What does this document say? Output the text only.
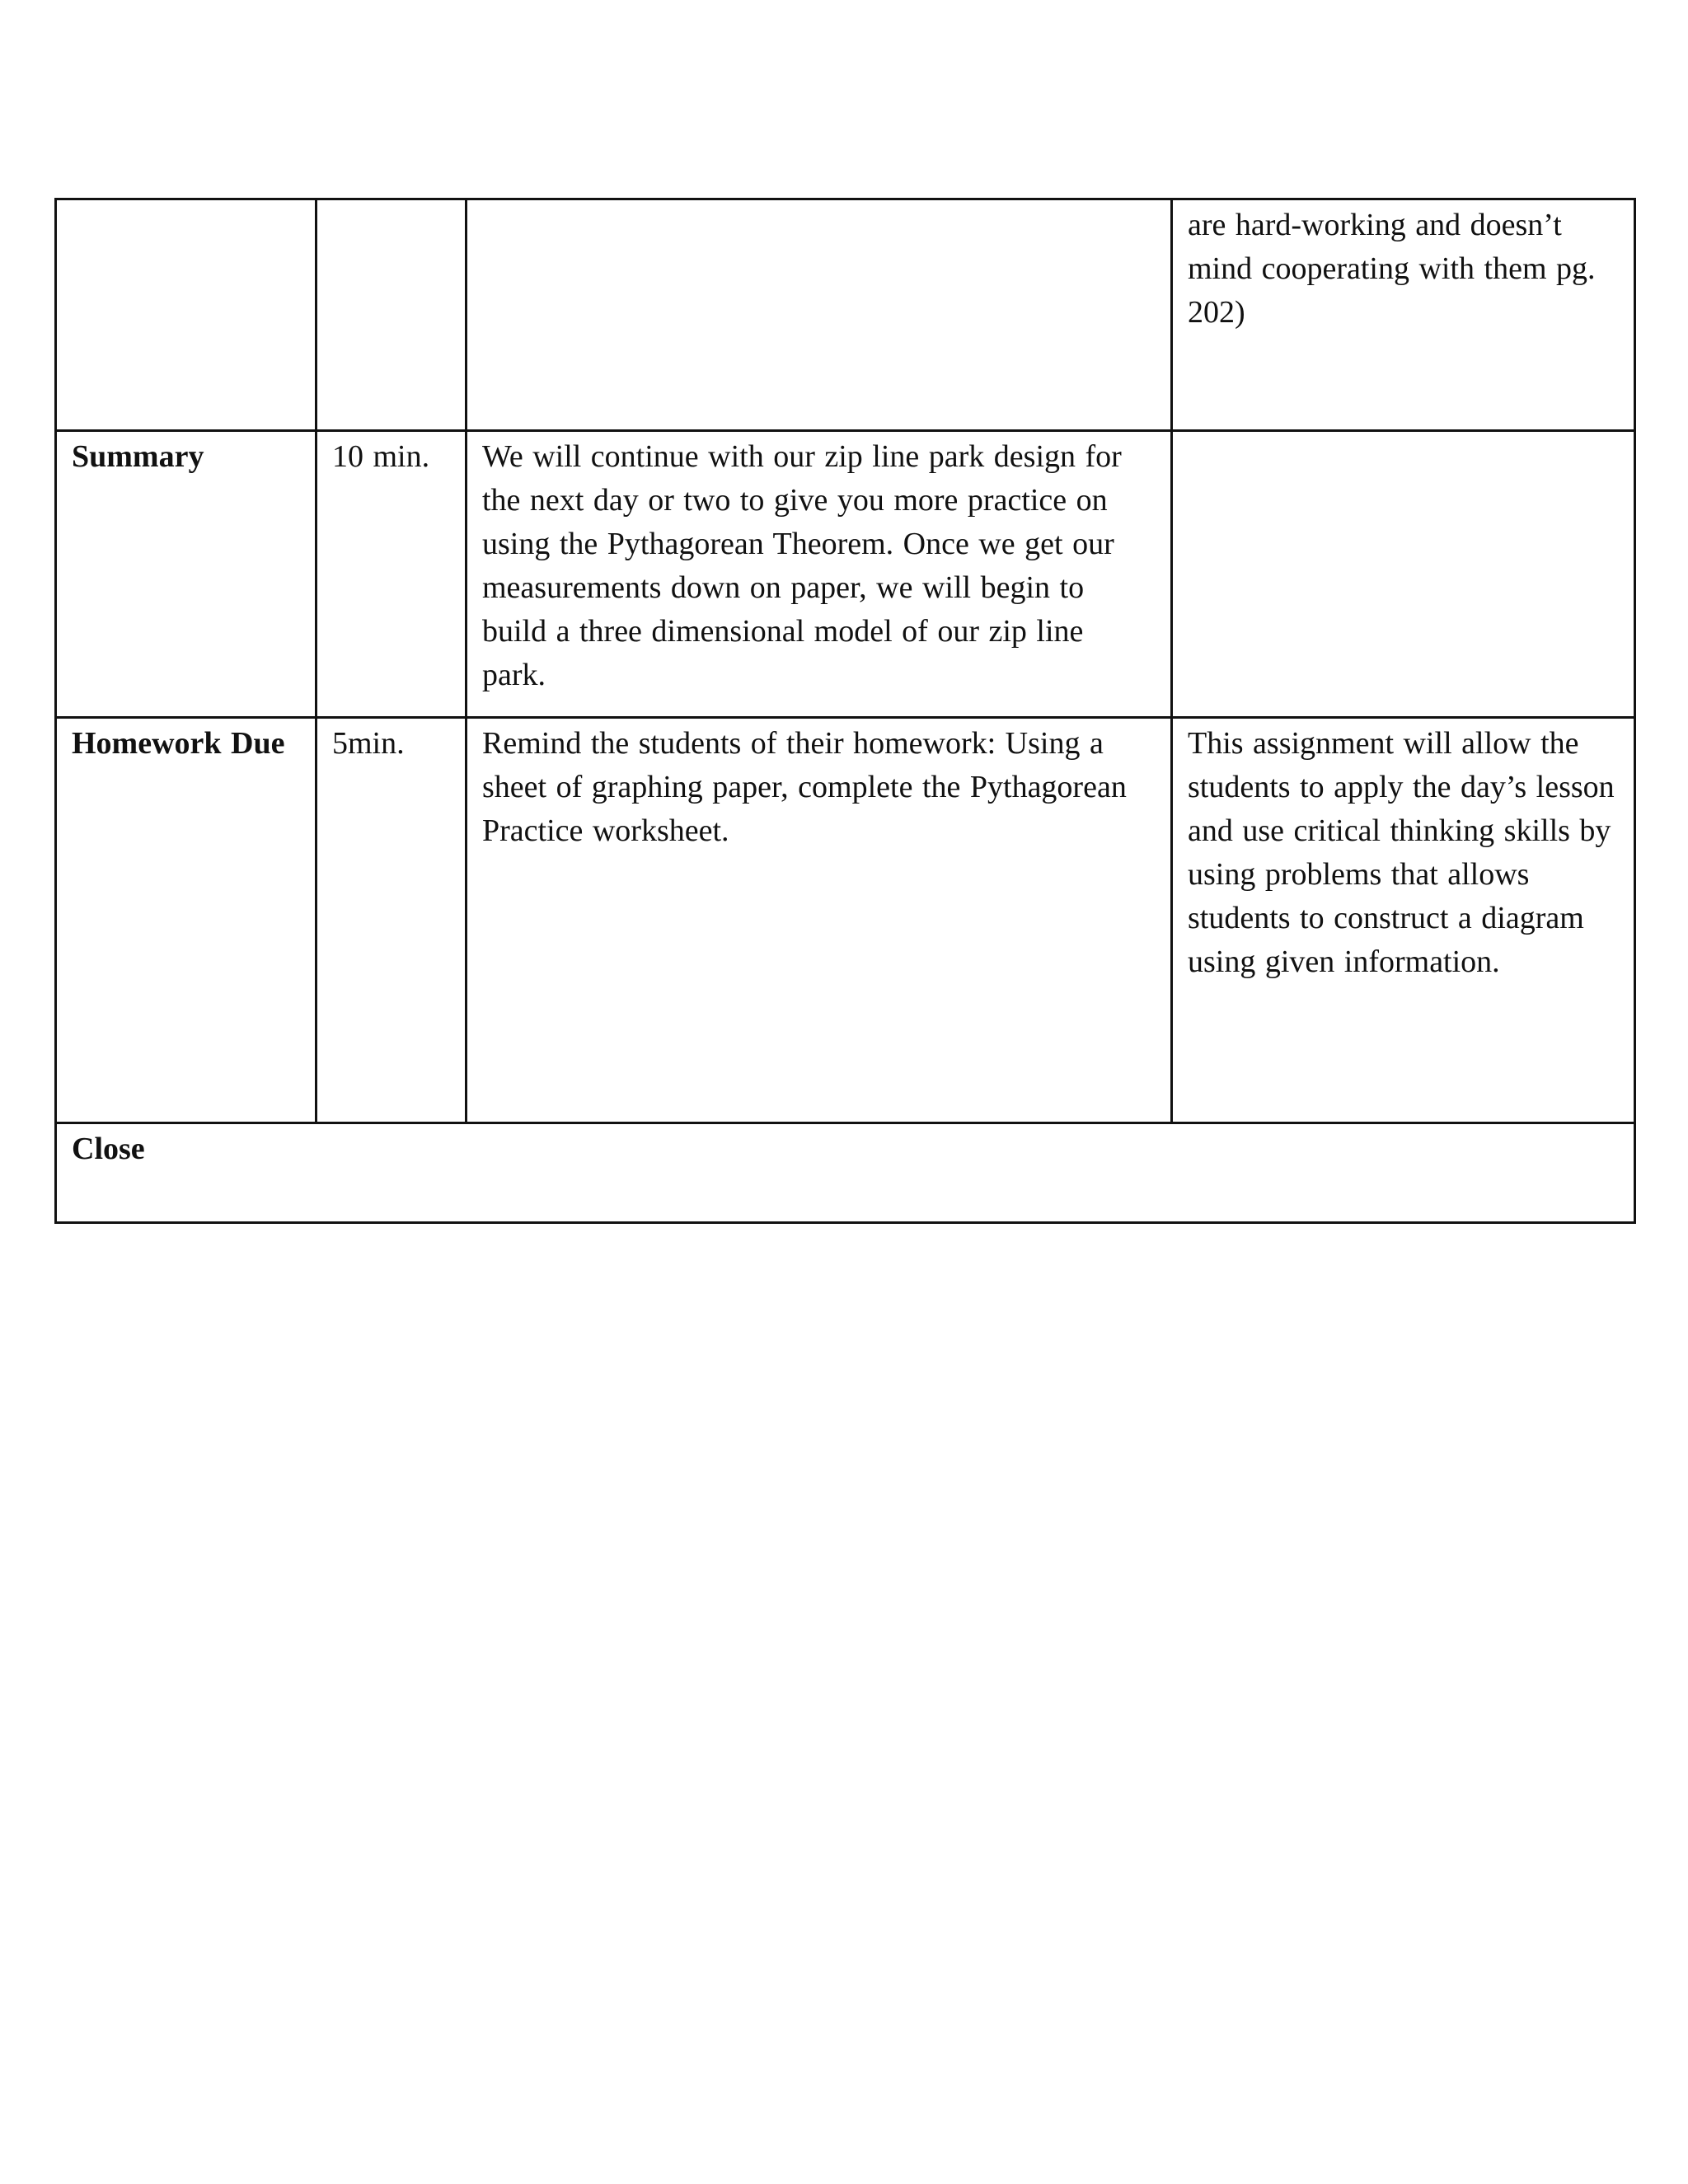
			are hard-working and doesn’t mind cooperating with them pg. 202)
Summary	10 min.	We will continue with our zip line park design for the next day or two to give you more practice on using the Pythagorean Theorem. Once we get our measurements down on paper, we will begin to build a three dimensional model of our zip line park.	
Homework Due	5min.	Remind the students of their homework: Using a sheet of graphing paper, complete the Pythagorean Practice worksheet.	This assignment will allow the students to apply the day’s lesson and use critical thinking skills by using problems that allows students to construct a diagram using given information.
Close			
